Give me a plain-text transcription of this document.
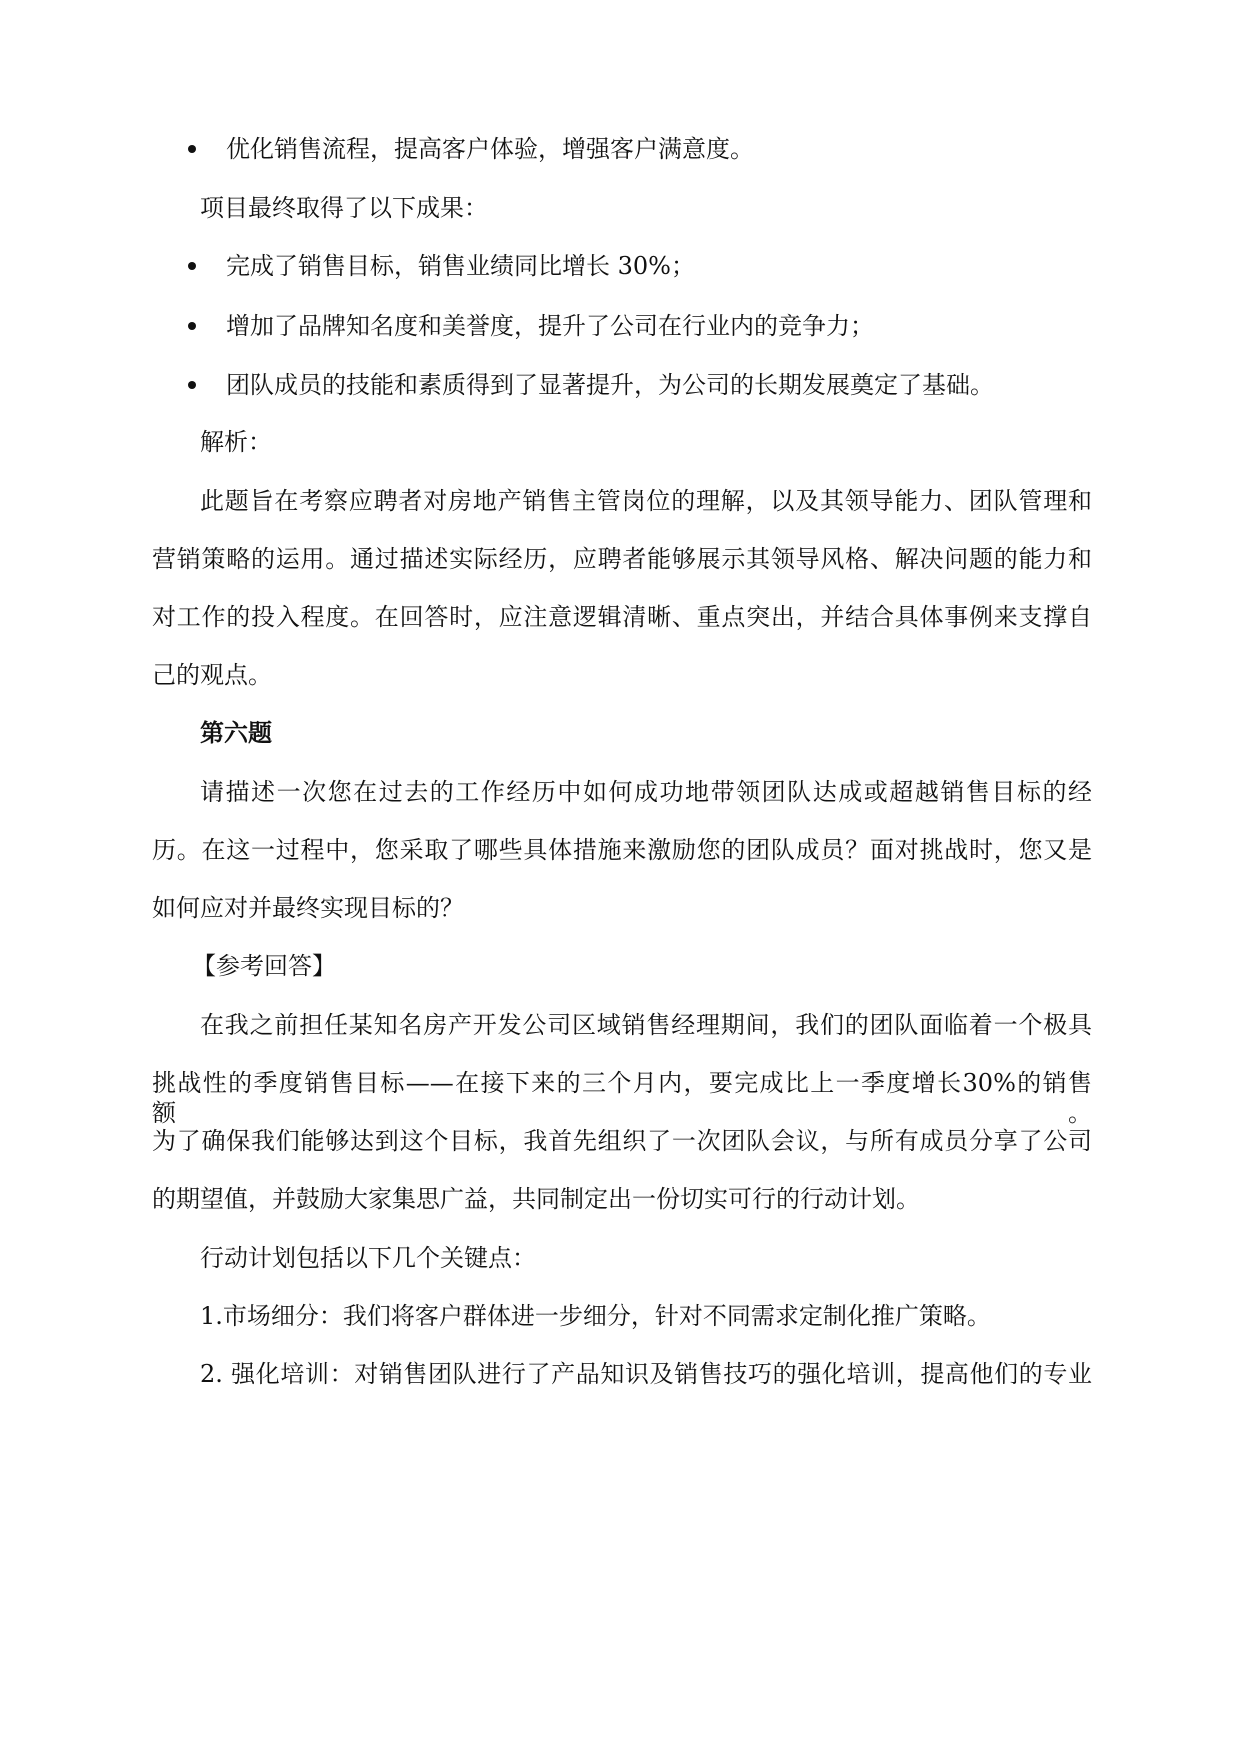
优化销售流程，提高客户体验，增强客户满意度。
项目最终取得了以下成果：
完成了销售目标，销售业绩同比增长 30%；
增加了品牌知名度和美誉度，提升了公司在行业内的竞争力；
团队成员的技能和素质得到了显著提升，为公司的长期发展奠定了基础。
解析：
此题旨在考察应聘者对房地产销售主管岗位的理解，以及其领导能力、团队管理和
营销策略的运用。通过描述实际经历，应聘者能够展示其领导风格、解决问题的能力和
对工作的投入程度。在回答时，应注意逻辑清晰、重点突出，并结合具体事例来支撑自
己的观点。
第六题
请描述一次您在过去的工作经历中如何成功地带领团队达成或超越销售目标的经
历。在这一过程中，您采取了哪些具体措施来激励您的团队成员？面对挑战时，您又是
如何应对并最终实现目标的？
【参考回答】
在我之前担任某知名房产开发公司区域销售经理期间，我们的团队面临着一个极具
挑战性的季度销售目标——在接下来的三个月内，要完成比上一季度增长30%的销售额。
为了确保我们能够达到这个目标，我首先组织了一次团队会议，与所有成员分享了公司
的期望值，并鼓励大家集思广益，共同制定出一份切实可行的行动计划。
行动计划包括以下几个关键点：
1.市场细分：我们将客户群体进一步细分，针对不同需求定制化推广策略。
2. 强化培训：对销售团队进行了产品知识及销售技巧的强化培训，提高他们的专业
